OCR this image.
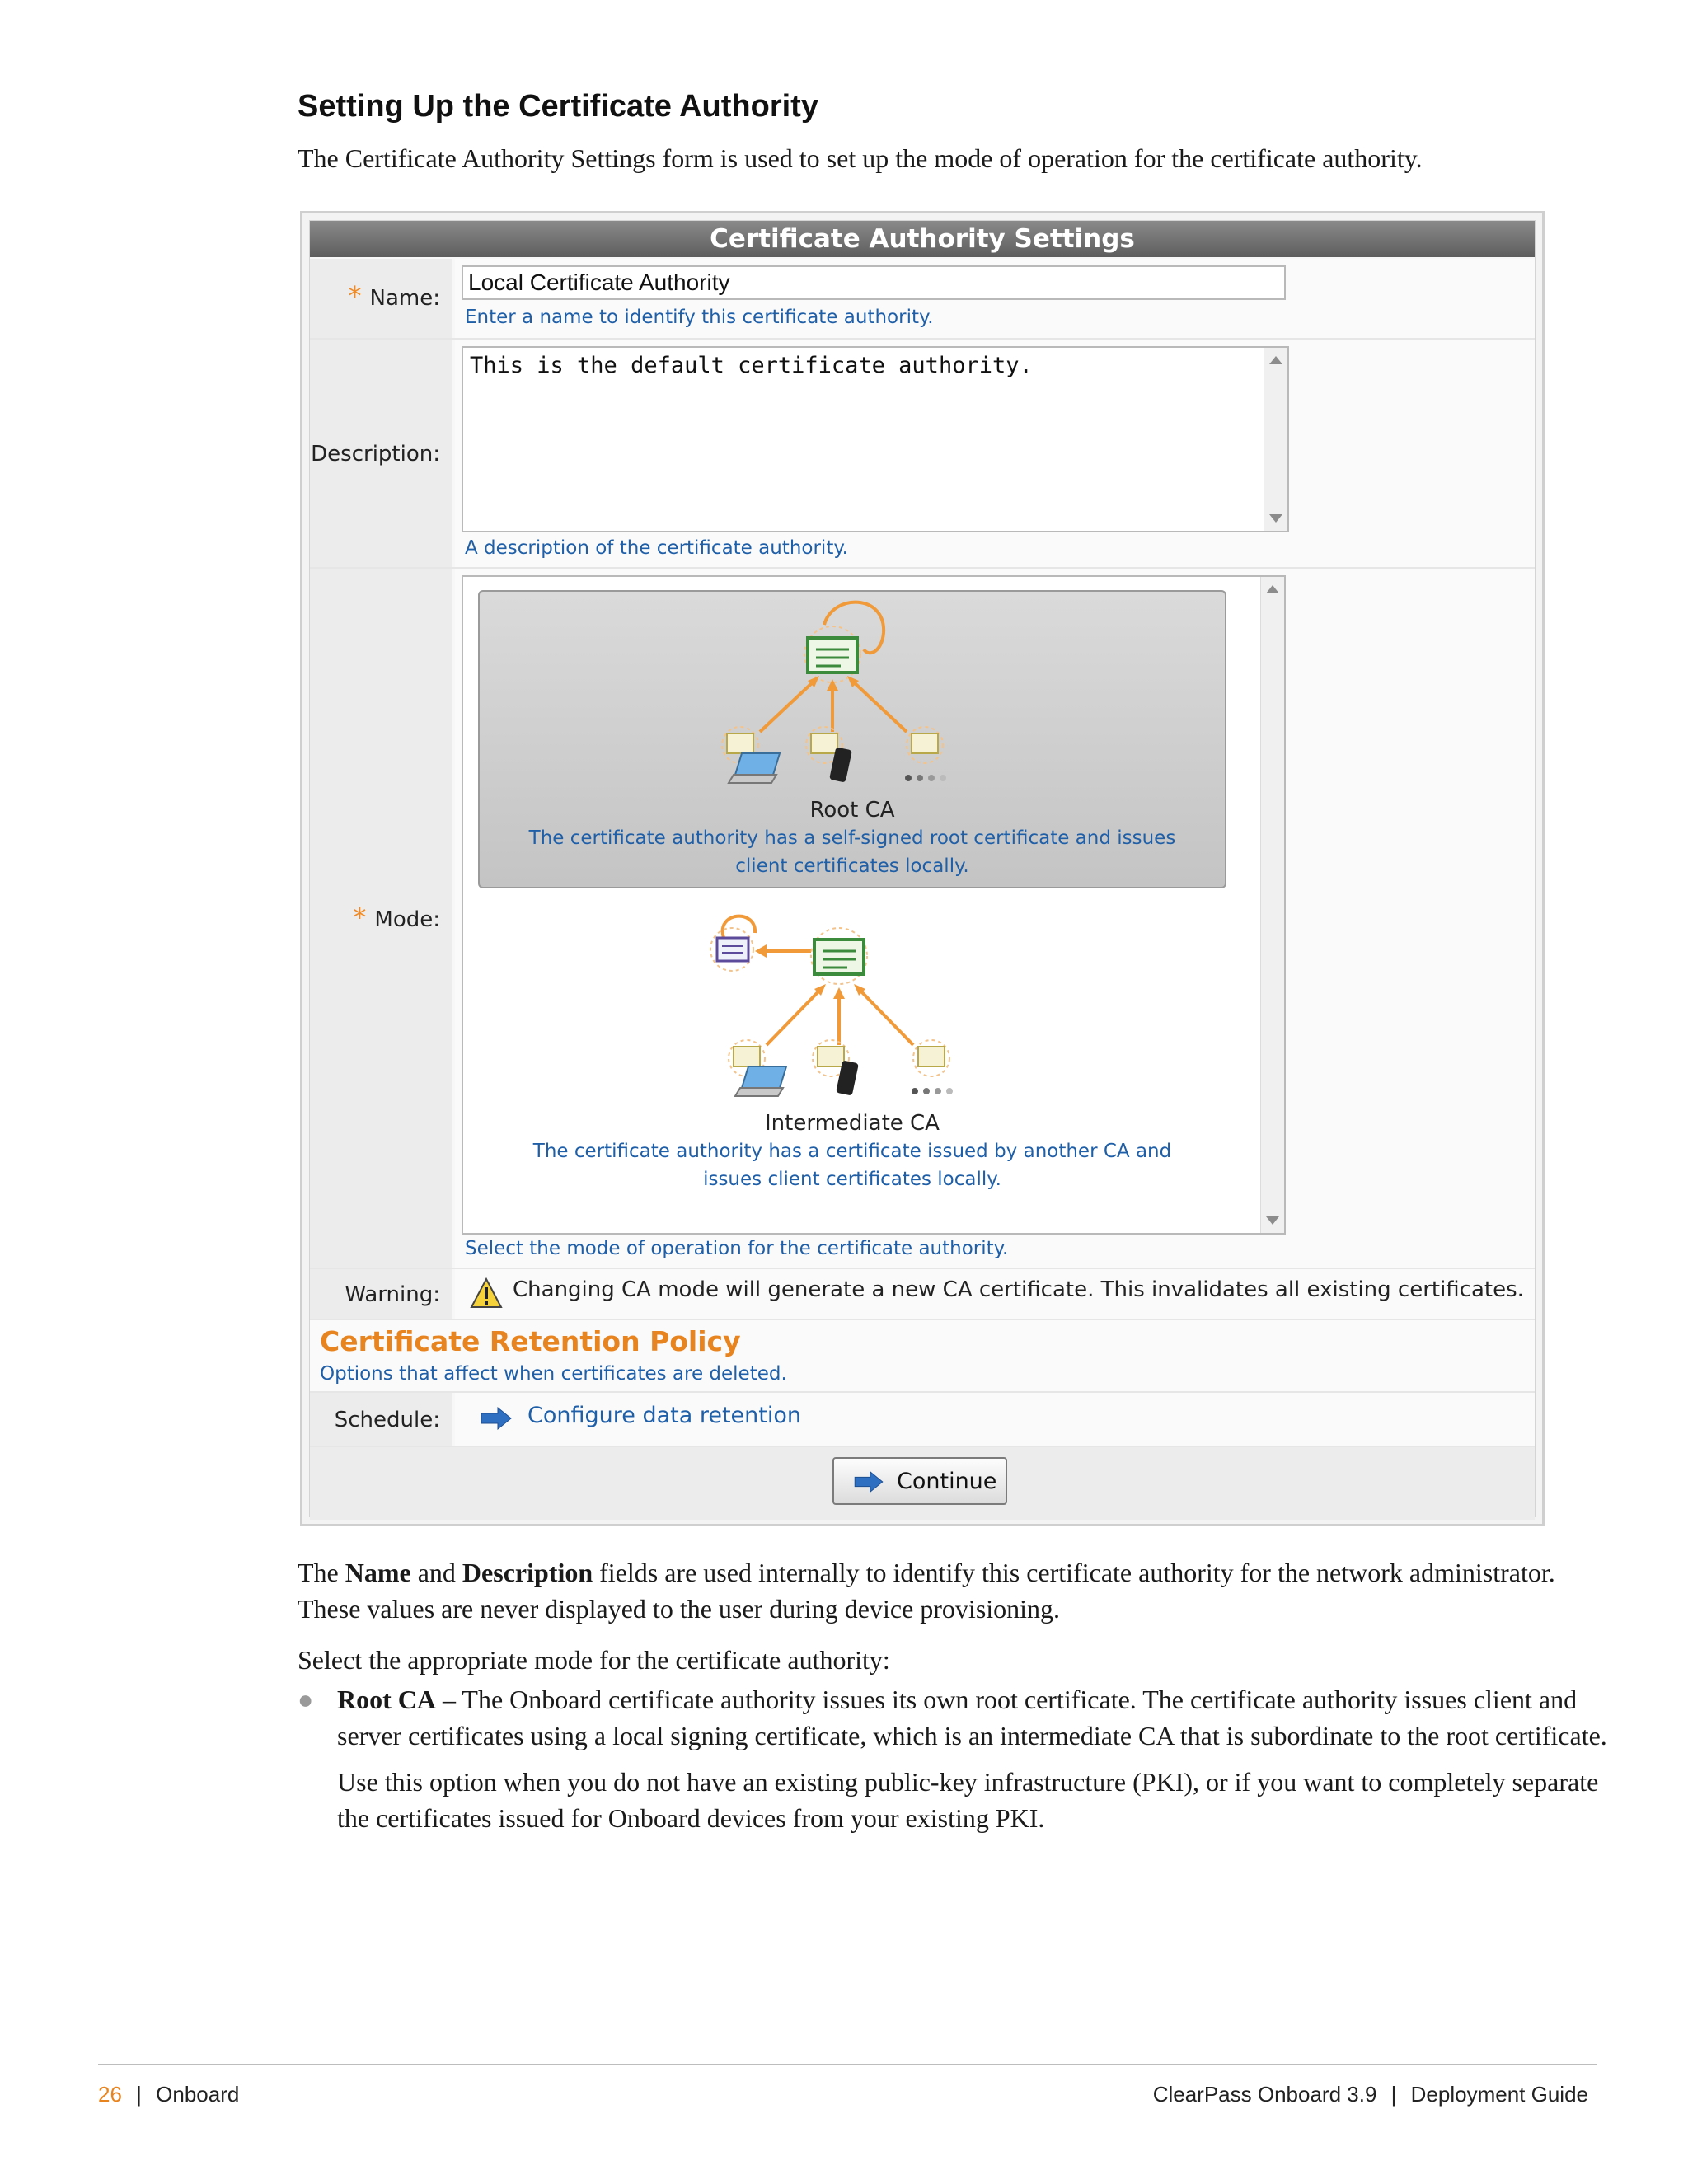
Setting Up the Certificate Authority

The Certificate Authority Settings form is used to set up the mode of operation for the certificate authority.

Certificate Authority Settings
* Name:
Local Certificate Authority
Enter a name to identify this certificate authority.
Description:
This is the default certificate authority.
A description of the certificate authority.
* Mode:
Root CA
The certificate authority has a self-signed root certificate and issues client certificates locally.
Intermediate CA
The certificate authority has a certificate issued by another CA and issues client certificates locally.
Select the mode of operation for the certificate authority.
Warning:	Changing CA mode will generate a new CA certificate. This invalidates all existing certificates.
Certificate Retention Policy
Options that affect when certificates are deleted.
Schedule:	Configure data retention
Continue

The Name and Description fields are used internally to identify this certificate authority for the network administrator. These values are never displayed to the user during device provisioning.

Select the appropriate mode for the certificate authority:

● Root CA – The Onboard certificate authority issues its own root certificate. The certificate authority issues client and server certificates using a local signing certificate, which is an intermediate CA that is subordinate to the root certificate.
Use this option when you do not have an existing public-key infrastructure (PKI), or if you want to completely separate the certificates issued for Onboard devices from your existing PKI.
26 | Onboard	ClearPass Onboard 3.9 | Deployment Guide
